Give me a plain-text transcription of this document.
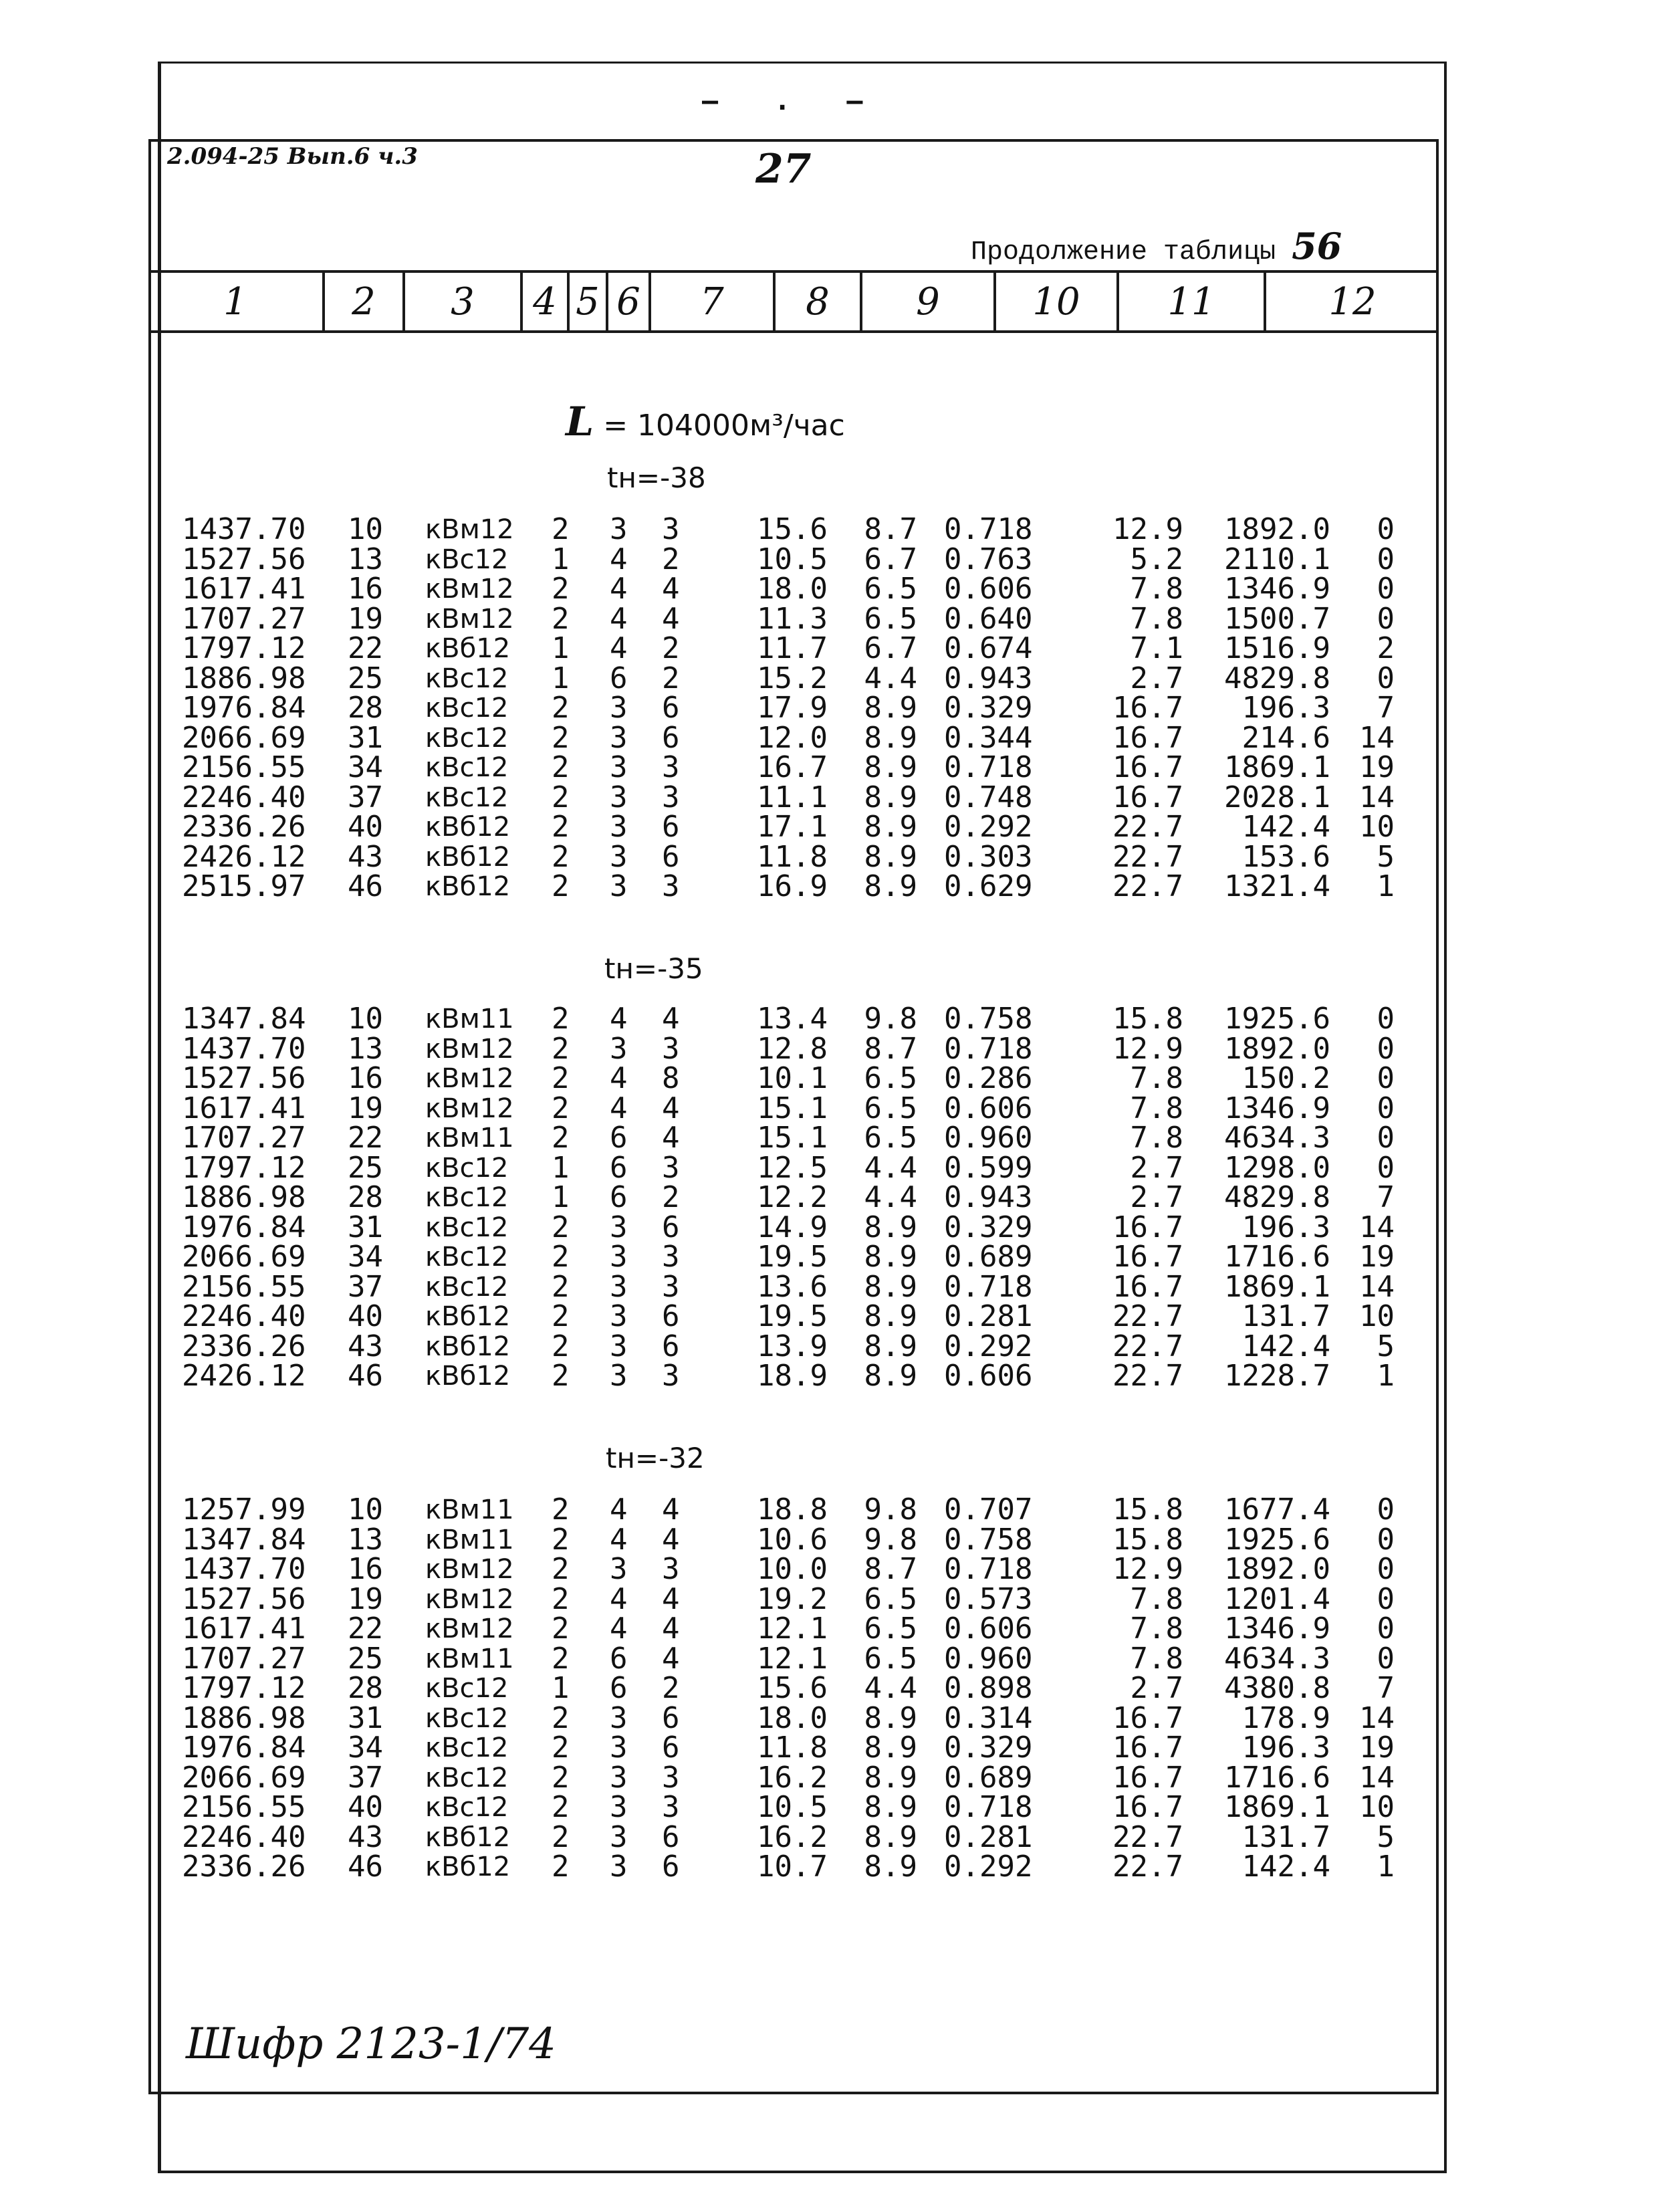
— . —
2.094-25 Вып.6 ч.3	27
Продолжение таблицы 56
1	2	3	4 5 6	7	8	9	10	11	12
L = 104000м³/час
tн=-38
1437.70 10 кВм12 2 3 3	15.6	8.7 0.718	12.9	1892.0	0
1527.56 13 кВс12 1 4 2	10.5	6.7 0.763	5.2	2110.1	0
1617.41 16 кВм12 2 4 4	18.0	6.5 0.606	7.8	1346.9	0
1707.27 19 кВм12 2 4 4	11.3	6.5 0.640	7.8	1500.7	0
1797.12 22 кВб12 1 4 2	11.7	6.7 0.674	7.1	1516.9	2
1886.98 25 кВс12 1 6 2	15.2	4.4 0.943	2.7	4829.8	0
1976.84 28 кВс12 2 3 6	17.9	8.9 0.329	16.7	196.3	7
2066.69 31 кВс12 2 3 6	12.0	8.9 0.344	16.7	214.6 14
2156.55 34 кВс12 2 3 3	16.7	8.9 0.718	16.7	1869.1 19
2246.40 37 кВс12 2 3 3	11.1	8.9 0.748	16.7	2028.1 14
2336.26 40 кВб12 2 3 6	17.1	8.9 0.292	22.7	142.4 10
2426.12 43 кВб12 2 3 6	11.8	8.9 0.303	22.7	153.6	5
2515.97 46 кВб12 2 3 3	16.9	8.9 0.629	22.7	1321.4	1
tн=-35
1347.84 10 кВм11 2 4 4	13.4	9.8 0.758	15.8	1925.6	0
1437.70 13 кВм12 2 3 3	12.8	8.7 0.718	12.9	1892.0	0
1527.56 16 кВм12 2 4 8	10.1	6.5 0.286	7.8	150.2	0
1617.41 19 кВм12 2 4 4	15.1	6.5 0.606	7.8	1346.9	0
1707.27 22 кВм11 2 6 4	15.1	6.5 0.960	7.8	4634.3	0
1797.12 25 кВс12 1 6 3	12.5	4.4 0.599	2.7	1298.0	0
1886.98 28 кВс12 1 6 2	12.2	4.4 0.943	2.7	4829.8	7
1976.84 31 кВс12 2 3 6	14.9	8.9 0.329	16.7	196.3 14
2066.69 34 кВс12 2 3 3	19.5	8.9 0.689	16.7	1716.6 19
2156.55 37 кВс12 2 3 3	13.6	8.9 0.718	16.7	1869.1 14
2246.40 40 кВб12 2 3 6	19.5	8.9 0.281	22.7	131.7 10
2336.26 43 кВб12 2 3 6	13.9	8.9 0.292	22.7	142.4	5
2426.12 46 кВб12 2 3 3	18.9	8.9 0.606	22.7	1228.7	1
tн=-32
1257.99 10 кВм11 2 4 4	18.8	9.8 0.707	15.8	1677.4	0
1347.84 13 кВм11 2 4 4	10.6	9.8 0.758	15.8	1925.6	0
1437.70 16 кВм12 2 3 3	10.0	8.7 0.718	12.9	1892.0	0
1527.56 19 кВм12 2 4 4	19.2	6.5 0.573	7.8	1201.4	0
1617.41 22 кВм12 2 4 4	12.1	6.5 0.606	7.8	1346.9	0
1707.27 25 кВм11 2 6 4	12.1	6.5 0.960	7.8	4634.3	0
1797.12 28 кВс12 1 6 2	15.6	4.4 0.898	2.7	4380.8	7
1886.98 31 кВс12 2 3 6	18.0	8.9 0.314	16.7	178.9 14
1976.84 34 кВс12 2 3 6	11.8	8.9 0.329	16.7	196.3 19
2066.69 37 кВс12 2 3 3	16.2	8.9 0.689	16.7	1716.6 14
2156.55 40 кВс12 2 3 3	10.5	8.9 0.718	16.7	1869.1 10
2246.40 43 кВб12 2 3 6	16.2	8.9 0.281	22.7	131.7	5
2336.26 46 кВб12 2 3 6	10.7	8.9 0.292	22.7	142.4	1
Шифр 2123-1/74
